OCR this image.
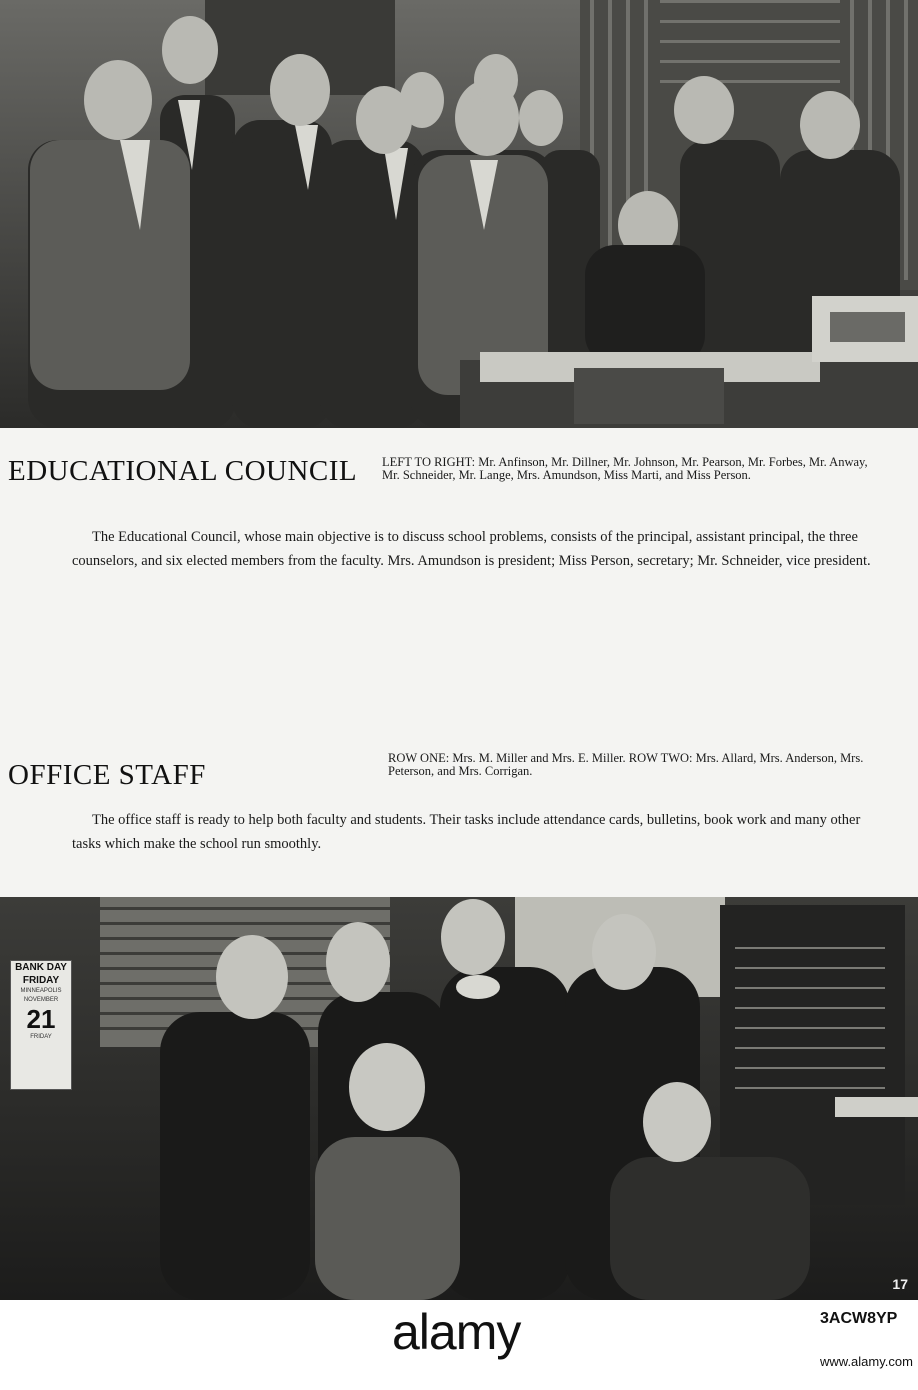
EDUCATIONAL COUNCIL LEFT TO RIGHT: Mr. Anfinson, Mr. Dillner, Mr. Johnson, Mr. Pearson, Mr. Forbes, Mr. Anway, Mr. Schneider, Mr. Lange, Mrs. Amundson, Miss Marti, and Miss Person.

The Educational Council, whose main objective is to discuss school problems, consists of the principal, assistant principal, the three counselors, and six elected members from the faculty. Mrs. Amundson is president; Miss Person, secretary; Mr. Schneider, vice president.

OFFICE STAFF

ROW ONE: Mrs. M. Miller and Mrs. E. Miller. ROW TWO: Mrs. Allard, Mrs. Anderson, Mrs. Peterson, and Mrs. Corrigan.

The office staff is ready to help both faculty and students. Their tasks include attendance cards, bulletins, book work and many other tasks which make the school run smoothly.

BANK DAY
FRIDAY
MINNEAPOLIS
NOVEMBER
21
FRIDAY
17
alamy	3ACW8YP
www.alamy.com
